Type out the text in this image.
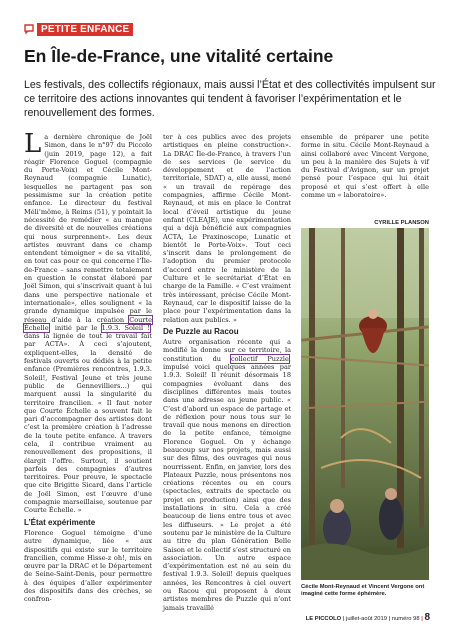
PETITE ENFANCE
En Île-de-France, une vitalité certaine

Les festivals, des collectifs régionaux, mais aussi l’État et des collectivités impulsent sur ce territoire des actions innovantes qui tendent à favoriser l’expérimentation et le renouvellement des formes.

La dernière chronique de Joël Simon, dans le n°97 du Piccolo (juin 2019, page 12), a fait réagir Florence Goguel (compagnie du Porte-Voix) et Cécile Mont-Reynaud (compagnie Lunatic), lesquelles ne partagent pas son pessimisme sur la création petite enfance. Le directeur du festival Méli’môme, à Reims (51), y pointait la nécessité de remédier « au manque de diversité et de nouvelles créations qui nous surprennent». Les deux artistes œuvrant dans ce champ entendent témoigner « de sa vitalité, en tout cas pour ce qui concerne l’Île-de-France – sans remettre totalement en question le constat élaboré par Joël Simon, qui s’inscrivait quant à lui dans une perspective nationale et internationale», elles soulignent « la grande dynamique impulsée par le réseau d’aide à la création Courte Échelle, initié par le 1.9.3. Soleil !, dans la lignée de tout le travail fait par ACTA». À ceci s’ajoutent, expliquent-elles, la densité de festivals ouverts ou dédiés à la petite enfance (Premières rencontres, 1.9.3. Soleil!, Festival Jeune et très jeune public de Gennevilliers…) qui marquent aussi la singularité du territoire francilien. « Il faut noter que Courte Échelle a souvent fait le pari d’accompagner des artistes dont c’est la première création à l’adresse de la toute petite enfance. À travers cela, il contribue vraiment au renouvellement des propositions, il élargit l’offre. Surtout, il soutient parfois des compagnies d’autres territoires. Pour preuve, le spectacle que cite Brigitte Sicard, dans l’article de Joël Simon, est l’œuvre d’une compagnie marseillaise, soutenue par Courte Échelle. »

L’État expérimente

Florence Goguel témoigne d’une autre dynamique, liée « aux dispositifs qui existe sur le territoire francilien, comme Hisse-z oh!, mis en œuvre par la DRAC et le Département de Seine-Saint-Denis, pour permettre à des équipes d’aller expérimenter des dispositifs dans des crèches, se confron-

ter à ces publics avec des projets artistiques en pleine construction». La DRAC Île-de-France, à travers l’un de ses services (le service du développement et de l’action territoriale, SDAT) a, elle aussi, mené « un travail de repérage des compagnies, affirme Cécile Mont-Reynaud, et mis en place le Contrat local d’éveil artistique du jeune enfant (CLEAJE), une expérimentation qui a déjà bénéficié aux compagnies ACTA, Le Praxinoscope, Lunatic et bientôt le Porte-Voix». Tout ceci s’inscrit dans le prolongement de l’adoption du premier protocole d’accord entre le ministère de la Culture et le secrétariat d’État en charge de la Famille. « C’est vraiment très intéressant, précise Cécile Mont-Reynaud, car le dispositif laisse de la place pour l’expérimentation dans la relation aux publics. »

De Puzzle au Racou

Autre organisation récente qui a modifié la donne sur ce territoire, la constitution du collectif Puzzle, impulsé voici quelques années par 1.9.3. Soleil! Il réunit désormais 18 compagnies évoluant dans des disciplines différentes mais toutes dans une adresse au jeune public. « C’est d’abord un espace de partage et de réflexion pour nous tous sur le travail que nous menons en direction de la petite enfance, témoigne Florence Goguel. On y échange beaucoup sur nos projets, mais aussi sur des films, des ouvrages qui nous nourrissent. Enfin, en janvier, lors des Plateaux Puzzle, nous présentons nos créations récentes ou en cours (spectacles, extraits de spectacle ou projet en production) ainsi que des installations in situ. Cela a créé beaucoup de liens entre tous et avec les diffuseurs. » Le projet a été soutenu par le ministère de la Culture au titre du plan Génération Belle Saison et le collectif s’est structuré en association. Un autre espace d’expérimentation est né au sein du festival 1.9.3. Soleil! depuis quelques années, les Rencontres à ciel ouvert ou Racou qui proposent à deux artistes membres de Puzzle qui n’ont jamais travaillé

ensemble de préparer une petite forme in situ. Cécile Mont-Reynaud a ainsi collaboré avec Vincent Vergone, un peu à la manière des Sujets à vif du Festival d’Avignon, sur un projet pensé pour l’espace qui lui était proposé et qui s’est offert à elle comme un « laboratoire».

CYRILLE PLANSON
Cécile Mont-Reynaud et Vincent Vergone ont imaginé cette forme éphémère.
LE PICCOLO | juillet-août 2019 | numéro 98 | 8
